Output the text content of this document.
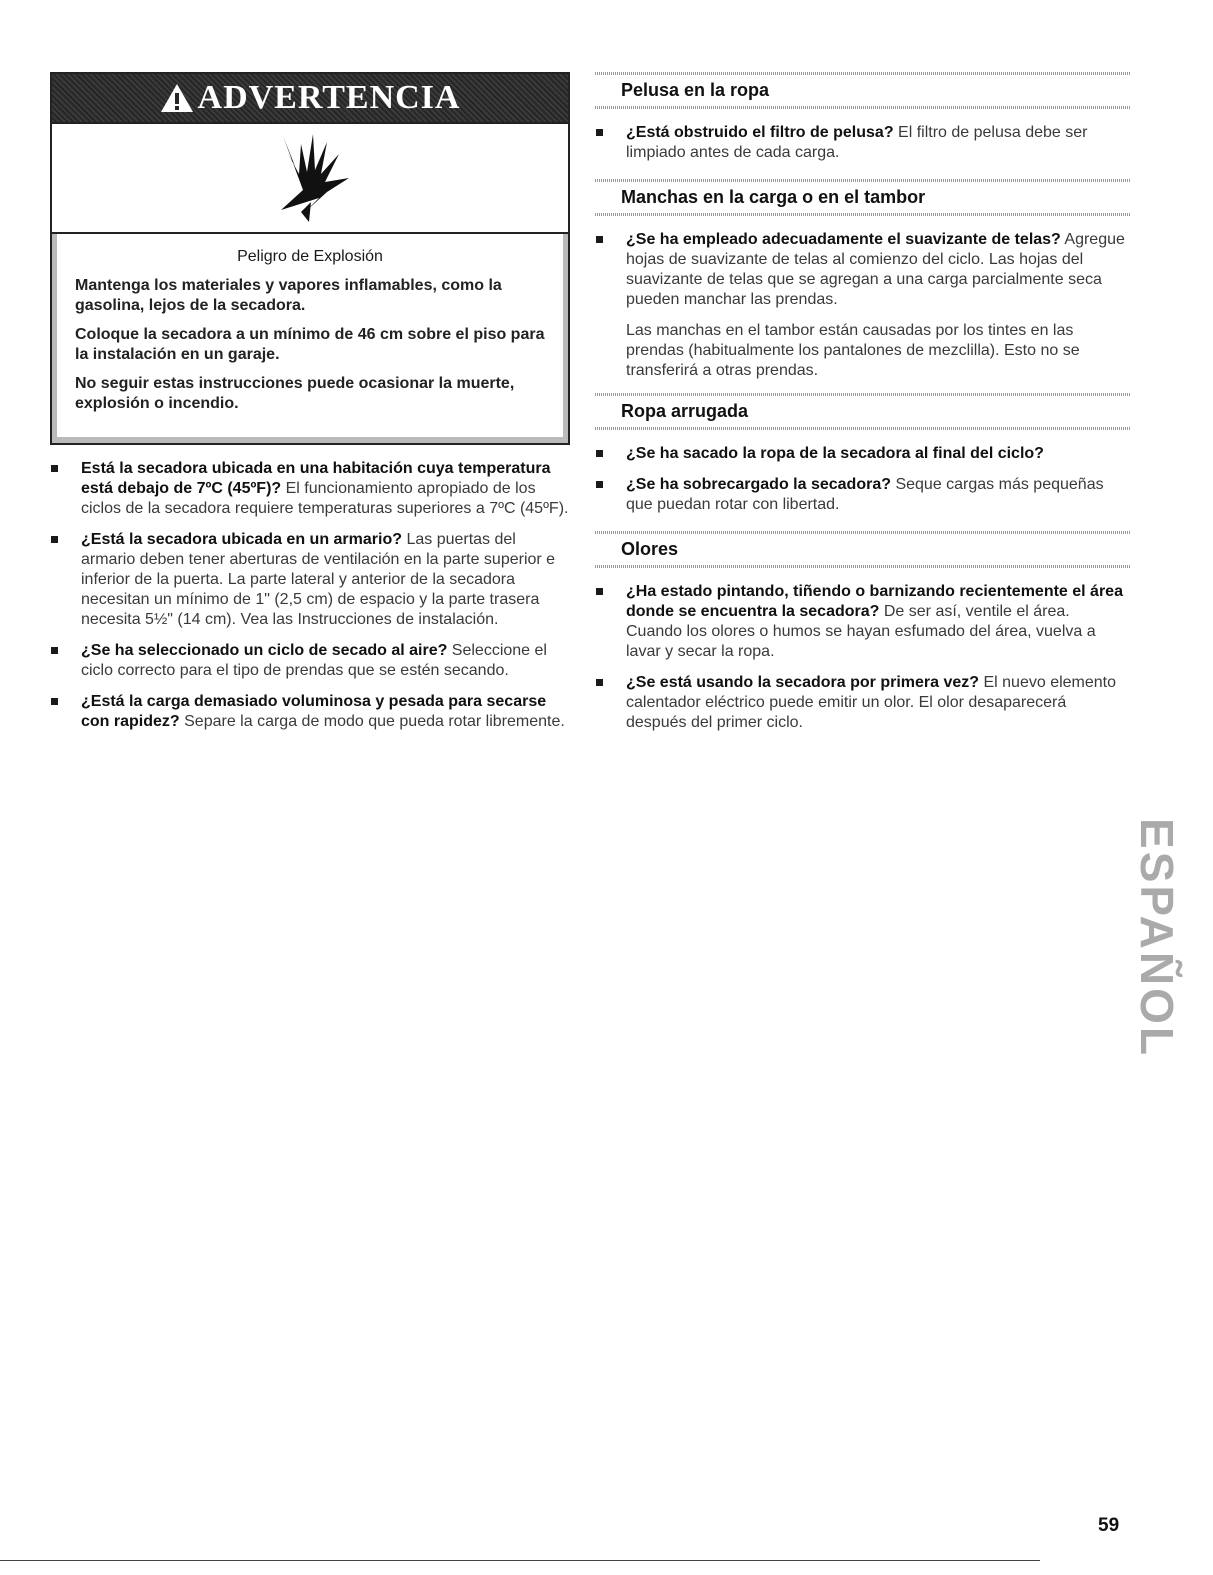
ADVERTENCIA

Peligro de Explosión

Mantenga los materiales y vapores inflamables, como la gasolina, lejos de la secadora.

Coloque la secadora a un mínimo de 46 cm sobre el piso para la instalación en un garaje.

No seguir estas instrucciones puede ocasionar la muerte, explosión o incendio.

Está la secadora ubicada en una habitación cuya temperatura está debajo de 7ºC (45ºF)? El funcionamiento apropiado de los ciclos de la secadora requiere temperaturas superiores a 7ºC (45ºF).
¿Está la secadora ubicada en un armario? Las puertas del armario deben tener aberturas de ventilación en la parte superior e inferior de la puerta. La parte lateral y anterior de la secadora necesitan un mínimo de 1" (2,5 cm) de espacio y la parte trasera necesita 5½" (14 cm). Vea las Instrucciones de instalación.
¿Se ha seleccionado un ciclo de secado al aire? Seleccione el ciclo correcto para el tipo de prendas que se estén secando.
¿Está la carga demasiado voluminosa y pesada para secarse con rapidez? Separe la carga de modo que pueda rotar libremente.
Pelusa en la ropa
¿Está obstruido el filtro de pelusa? El filtro de pelusa debe ser limpiado antes de cada carga.
Manchas en la carga o en el tambor
¿Se ha empleado adecuadamente el suavizante de telas? Agregue hojas de suavizante de telas al comienzo del ciclo. Las hojas del suavizante de telas que se agregan a una carga parcialmente seca pueden manchar las prendas.

Las manchas en el tambor están causadas por los tintes en las prendas (habitualmente los pantalones de mezclilla). Esto no se transferirá a otras prendas.

Ropa arrugada
¿Se ha sacado la ropa de la secadora al final del ciclo?
¿Se ha sobrecargado la secadora? Seque cargas más pequeñas que puedan rotar con libertad.
Olores
¿Ha estado pintando, tiñendo o barnizando recientemente el área donde se encuentra la secadora? De ser así, ventile el área. Cuando los olores o humos se hayan esfumado del área, vuelva a lavar y secar la ropa.
¿Se está usando la secadora por primera vez? El nuevo elemento calentador eléctrico puede emitir un olor. El olor desaparecerá después del primer ciclo.
ESPAÑOL
59
